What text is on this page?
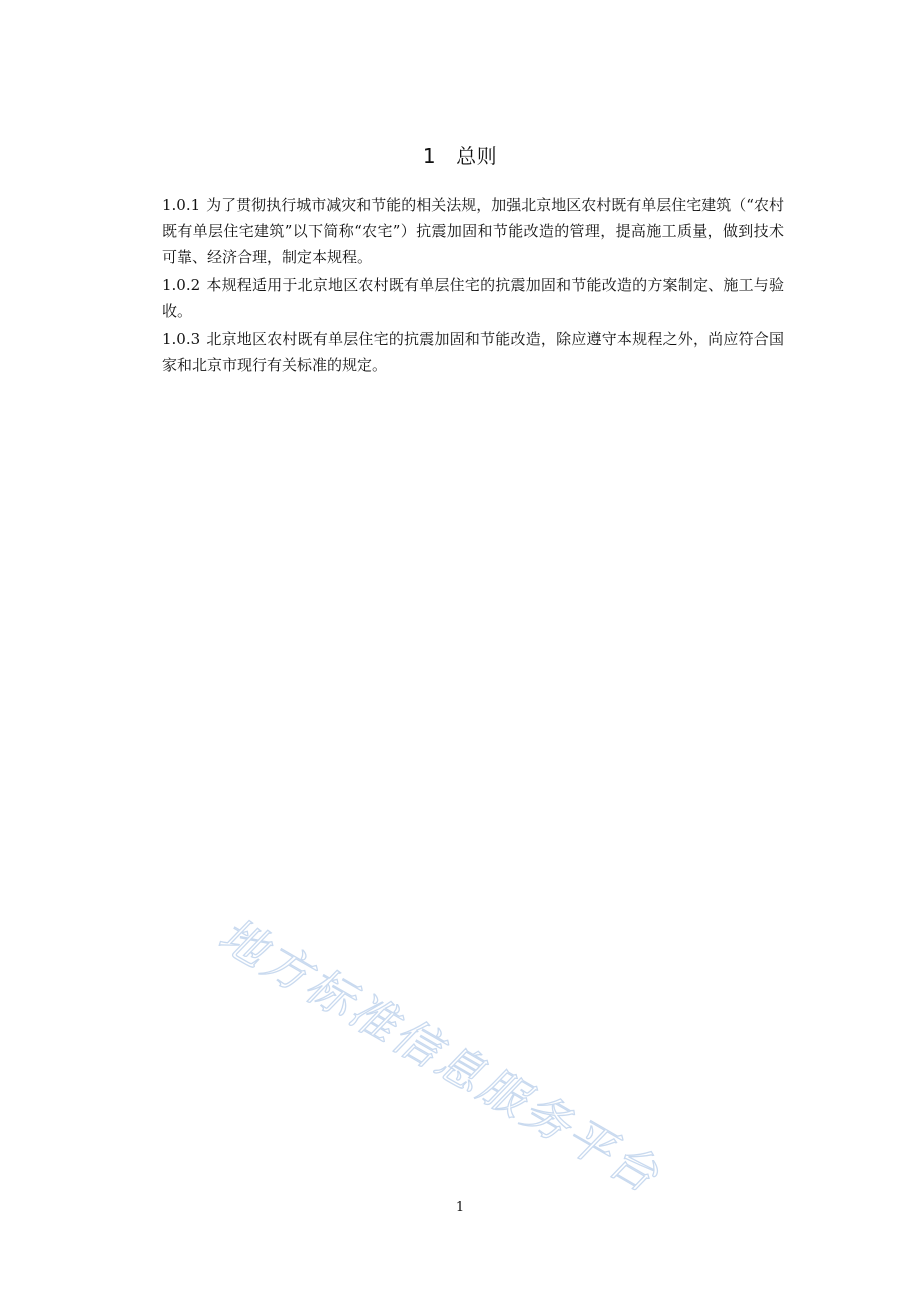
1 总则

1.0.1 为了贯彻执行城市减灾和节能的相关法规，加强北京地区农村既有单层住宅建筑（“农村既有单层住宅建筑”以下简称“农宅”）抗震加固和节能改造的管理，提高施工质量，做到技术可靠、经济合理，制定本规程。

1.0.2 本规程适用于北京地区农村既有单层住宅的抗震加固和节能改造的方案制定、施工与验收。

1.0.3 北京地区农村既有单层住宅的抗震加固和节能改造，除应遵守本规程之外，尚应符合国家和北京市现行有关标准的规定。

地方标准信息服务平台
1
